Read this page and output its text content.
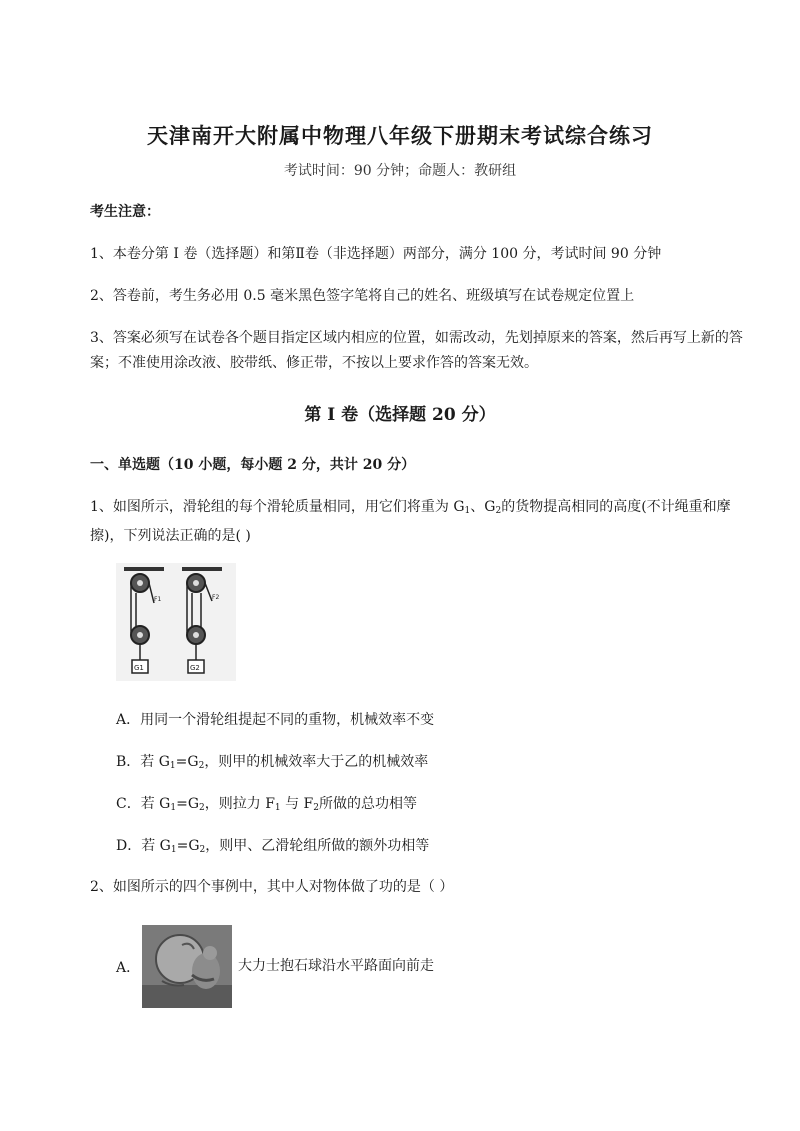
天津南开大附属中物理八年级下册期末考试综合练习
考试时间：90 分钟；命题人：教研组
考生注意：
1、本卷分第 I 卷（选择题）和第Ⅱ卷（非选择题）两部分，满分 100 分，考试时间 90 分钟
2、答卷前，考生务必用 0.5 毫米黑色签字笔将自己的姓名、班级填写在试卷规定位置上
3、答案必须写在试卷各个题目指定区域内相应的位置，如需改动，先划掉原来的答案，然后再写上新的答案；不准使用涂改液、胶带纸、修正带，不按以上要求作答的答案无效。
第 I 卷（选择题 20 分）
一、单选题（10 小题，每小题 2 分，共计 20 分）
1、如图所示，滑轮组的每个滑轮质量相同，用它们将重为 $G_1$、$G_2$的货物提高相同的高度(不计绳重和摩擦)，下列说法正确的是( )
G1
F1
G2
F2
A．用同一个滑轮组提起不同的重物，机械效率不变
B．若 $G_1=G_2$，则甲的机械效率大于乙的机械效率
C．若 $G_1=G_2$，则拉力 $F_1$ 与 $F_2$所做的总功相等
D．若 $G_1=G_2$，则甲、乙滑轮组所做的额外功相等
2、如图所示的四个事例中，其中人对物体做了功的是（ ）
A．	大力士抱石球沿水平路面向前走
